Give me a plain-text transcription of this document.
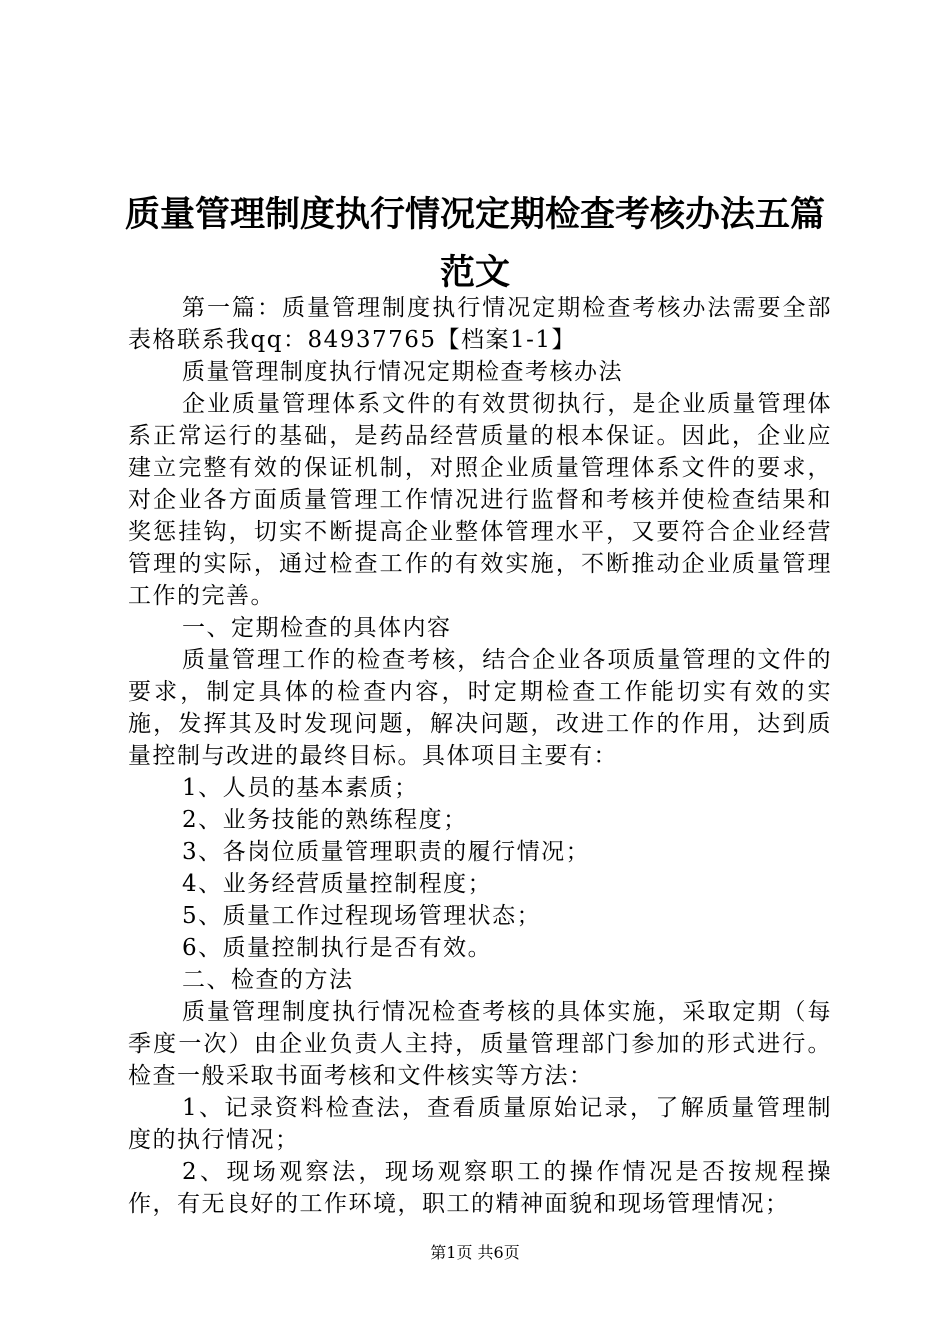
质量管理制度执行情况定期检查考核办法五篇范文

第一篇：质量管理制度执行情况定期检查考核办法需要全部表格联系我qq：84937765【档案1-1】

质量管理制度执行情况定期检查考核办法

企业质量管理体系文件的有效贯彻执行，是企业质量管理体系正常运行的基础，是药品经营质量的根本保证。因此，企业应建立完整有效的保证机制，对照企业质量管理体系文件的要求，对企业各方面质量管理工作情况进行监督和考核并使检查结果和奖惩挂钩，切实不断提高企业整体管理水平，又要符合企业经营管理的实际，通过检查工作的有效实施，不断推动企业质量管理工作的完善。

一、定期检查的具体内容

质量管理工作的检查考核，结合企业各项质量管理的文件的要求，制定具体的检查内容，时定期检查工作能切实有效的实施，发挥其及时发现问题，解决问题，改进工作的作用，达到质量控制与改进的最终目标。具体项目主要有：

1、人员的基本素质；

2、业务技能的熟练程度；

3、各岗位质量管理职责的履行情况；

4、业务经营质量控制程度；

5、质量工作过程现场管理状态；

6、质量控制执行是否有效。

二、检查的方法

质量管理制度执行情况检查考核的具体实施，采取定期（每季度一次）由企业负责人主持，质量管理部门参加的形式进行。检查一般采取书面考核和文件核实等方法：

1、记录资料检查法，查看质量原始记录，了解质量管理制度的执行情况；

2、现场观察法，现场观察职工的操作情况是否按规程操作，有无良好的工作环境，职工的精神面貌和现场管理情况；

第1页 共6页
